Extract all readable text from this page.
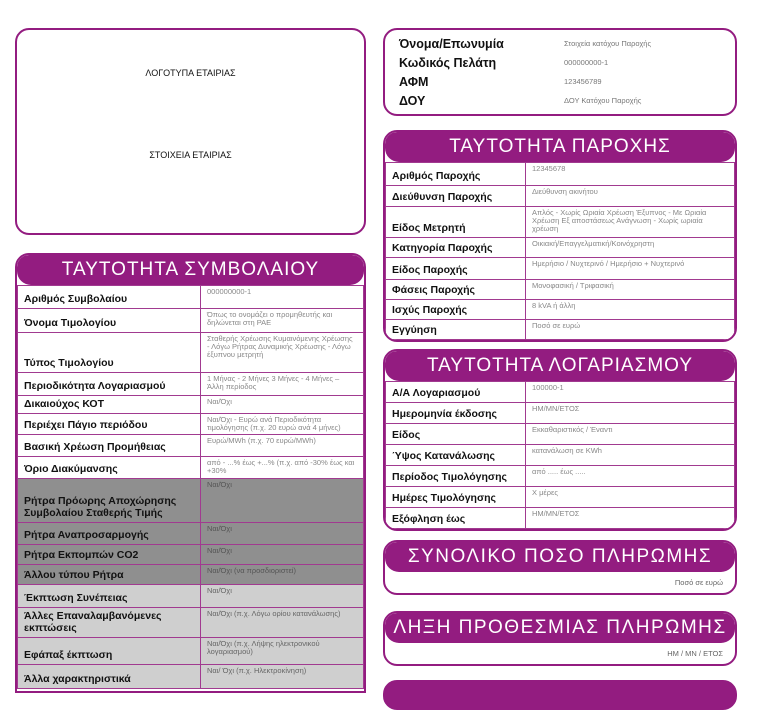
ΛΟΓΟΤΥΠΑ ΕΤΑΙΡΙΑΣ
ΣΤΟΙΧΕΙΑ ΕΤΑΙΡΙΑΣ
Όνομα/Επωνυμία	Στοιχεία κατόχου Παροχής
Κωδικός Πελάτη	000000000-1
ΑΦΜ	123456789
ΔΟΥ	ΔΟΥ Κατόχου Παροχής
ΤΑΥΤΟΤΗΤΑ ΣΥΜΒΟΛΑΙΟΥ
Αριθμός Συμβολαίου	000000000-1
Όνομα Τιμολογίου	Όπως το ονομάζει ο προμηθευτής και δηλώνεται στη ΡΑΕ
Τύπος Τιμολογίου	Σταθερής Χρέωσης Κυμαινόμενης Χρέωσης - Λόγω Ρήτρας Δυναμικής Χρέωσης - Λόγω έξυπνου μετρητή
Περιοδικότητα Λογαριασμού	1 Μήνας - 2 Μήνες 3 Μήνες - 4 Μήνες – Άλλη περίοδος
Δικαιούχος ΚΟΤ	Ναι/Όχι
Περιέχει Πάγιο περιόδου	Ναι/Όχι - Ευρώ ανά Περιοδικότητα τιμολόγησης (π.χ. 20 ευρώ ανά 4 μήνες)
Βασική Χρέωση Προμήθειας	Ευρώ/MWh (π.χ. 70 ευρώ/MWh)
Όριο Διακύμανσης	από - ...% έως +...% (π.χ. από -30% έως και +30%
Ρήτρα Πρόωρης Αποχώρησης Συμβολαίου Σταθερής Τιμής	Ναι/Όχι
Ρήτρα Αναπροσαρμογής	Ναι/Όχι
Ρήτρα Εκπομπών CO2	Ναι/Όχι
Άλλου τύπου Ρήτρα	Ναι/Όχι (να προσδιοριστεί)
Έκπτωση Συνέπειας	Ναι/Όχι
Άλλες Επαναλαμβανόμενες εκπτώσεις	Ναι/Όχι (π.χ. Λόγω ορίου κατανάλωσης)
Εφάπαξ έκπτωση	Ναι/Όχι (π.χ. Λήψης ηλεκτρονικού λογαριασμού)
Άλλα χαρακτηριστικά	Ναι/ Όχι (π.χ. Ηλεκτροκίνηση)
ΤΑΥΤΟΤΗΤΑ ΠΑΡΟΧΗΣ
Αριθμός Παροχής	12345678
Διεύθυνση Παροχής	Διεύθυνση ακινήτου
Είδος Μετρητή	Απλός - Χωρίς Ωριαία Χρέωση Έξυπνος - Με Ωριαία Χρέωση Εξ αποστάσεως Ανάγνωση - Χωρίς ωριαία χρέωση
Κατηγορία Παροχής	Οικιακή/Επαγγελματική/Κοινόχρηστη
Είδος Παροχής	Ημερήσιο / Νυχτερινό / Ημερήσιο + Νυχτερινό
Φάσεις Παροχής	Μονοφασική / Τριφασική
Ισχύς Παροχής	8 kVA ή άλλη
Εγγύηση	Ποσό σε ευρώ
ΤΑΥΤΟΤΗΤΑ ΛΟΓΑΡΙΑΣΜΟΥ
Α/Α Λογαριασμού	100000-1
Ημερομηνία έκδοσης	ΗΜ/ΜΝ/ΕΤΟΣ
Είδος	Εκκαθαριστικός / Έναντι
Ύψος Κατανάλωσης	κατανάλωση σε KWh
Περίοδος Τιμολόγησης	από ..... έως .....
Ημέρες Τιμολόγησης	Χ μέρες
Εξόφληση έως	ΗΜ/ΜΝ/ΕΤΟΣ
ΣΥΝΟΛΙΚΟ ΠΟΣΟ ΠΛΗΡΩΜΗΣ
Ποσό σε ευρώ
ΛΗΞΗ ΠΡΟΘΕΣΜΙΑΣ ΠΛΗΡΩΜΗΣ
ΗΜ / ΜΝ / ΕΤΟΣ
